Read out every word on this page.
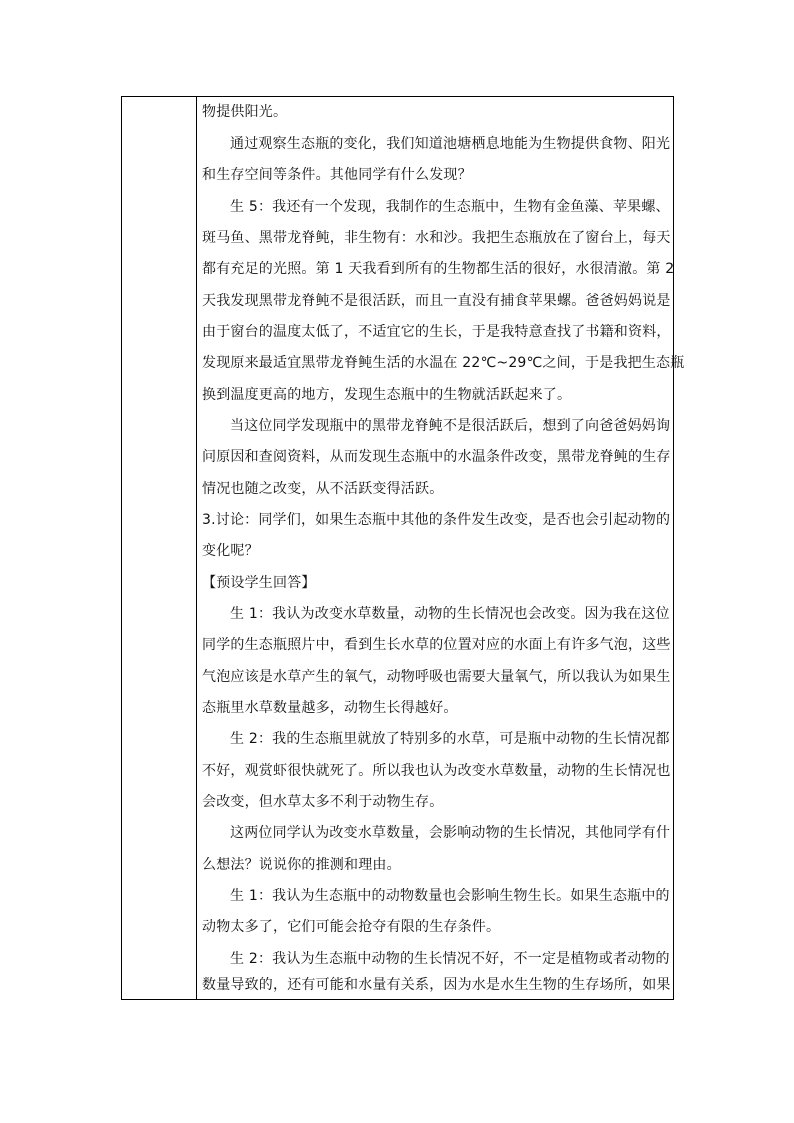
物提供阳光。
通过观察生态瓶的变化，我们知道池塘栖息地能为生物提供食物、阳光
和生存空间等条件。其他同学有什么发现？
生 5：我还有一个发现，我制作的生态瓶中，生物有金鱼藻、苹果螺、
斑马鱼、黑带龙脊鲀，非生物有：水和沙。我把生态瓶放在了窗台上，每天
都有充足的光照。第 1 天我看到所有的生物都生活的很好，水很清澈。第 2
天我发现黑带龙脊鲀不是很活跃，而且一直没有捕食苹果螺。爸爸妈妈说是
由于窗台的温度太低了，不适宜它的生长，于是我特意查找了书籍和资料，
发现原来最适宜黑带龙脊鲀生活的水温在 22℃~29℃之间，于是我把生态瓶
换到温度更高的地方，发现生态瓶中的生物就活跃起来了。
当这位同学发现瓶中的黑带龙脊鲀不是很活跃后，想到了向爸爸妈妈询
问原因和查阅资料，从而发现生态瓶中的水温条件改变，黑带龙脊鲀的生存
情况也随之改变，从不活跃变得活跃。
3.讨论：同学们，如果生态瓶中其他的条件发生改变，是否也会引起动物的
变化呢？
【预设学生回答】
生 1：我认为改变水草数量，动物的生长情况也会改变。因为我在这位
同学的生态瓶照片中，看到生长水草的位置对应的水面上有许多气泡，这些
气泡应该是水草产生的氧气，动物呼吸也需要大量氧气，所以我认为如果生
态瓶里水草数量越多，动物生长得越好。
生 2：我的生态瓶里就放了特别多的水草，可是瓶中动物的生长情况都
不好，观赏虾很快就死了。所以我也认为改变水草数量，动物的生长情况也
会改变，但水草太多不利于动物生存。
这两位同学认为改变水草数量，会影响动物的生长情况，其他同学有什
么想法？说说你的推测和理由。
生 1：我认为生态瓶中的动物数量也会影响生物生长。如果生态瓶中的
动物太多了，它们可能会抢夺有限的生存条件。
生 2：我认为生态瓶中动物的生长情况不好，不一定是植物或者动物的
数量导致的，还有可能和水量有关系，因为水是水生生物的生存场所，如果
